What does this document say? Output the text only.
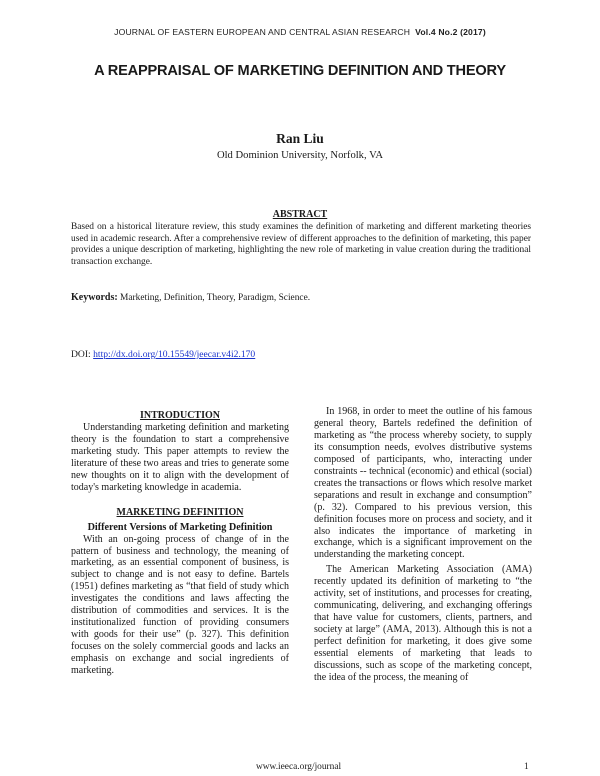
JOURNAL OF EASTERN EUROPEAN AND CENTRAL ASIAN RESEARCH Vol.4 No.2 (2017)
A REAPPRAISAL OF MARKETING DEFINITION AND THEORY
Ran Liu
Old Dominion University, Norfolk, VA
ABSTRACT
Based on a historical literature review, this study examines the definition of marketing and different marketing theories used in academic research. After a comprehensive review of different approaches to the definition of marketing, this paper provides a unique description of marketing, highlighting the new role of marketing in value creation during the traditional transaction exchange.
Keywords: Marketing, Definition, Theory, Paradigm, Science.
DOI: http://dx.doi.org/10.15549/jeecar.v4i2.170
INTRODUCTION

Understanding marketing definition and marketing theory is the foundation to start a comprehensive marketing study. This paper attempts to review the literature of these two areas and tries to generate some new thoughts on it to align with the development of today's marketing knowledge in academia.

MARKETING DEFINITION
Different Versions of Marketing Definition

With an on-going process of change of in the pattern of business and technology, the meaning of marketing, as an essential component of business, is subject to change and is not easy to define. Bartels (1951) defines marketing as “that field of study which investigates the conditions and laws affecting the distribution of commodities and services. It is the institutionalized function of providing consumers with goods for their use” (p. 327). This definition focuses on the solely commercial goods and lacks an emphasis on exchange and social ingredients of marketing.

In 1968, in order to meet the outline of his famous general theory, Bartels redefined the definition of marketing as “the process whereby society, to supply its consumption needs, evolves distributive systems composed of participants, who, interacting under constraints -- technical (economic) and ethical (social) creates the transactions or flows which resolve market separations and result in exchange and consumption” (p. 32). Compared to his previous version, this definition focuses more on process and society, and it also indicates the importance of marketing in exchange, which is a significant improvement on the understanding the marketing concept.

The American Marketing Association (AMA) recently updated its definition of marketing to “the activity, set of institutions, and processes for creating, communicating, delivering, and exchanging offerings that have value for customers, clients, partners, and society at large” (AMA, 2013). Although this is not a perfect definition for marketing, it does give some essential elements of marketing that leads to discussions, such as scope of the marketing concept, the idea of the process, the meaning of

www.ieeca.org/journal	1
